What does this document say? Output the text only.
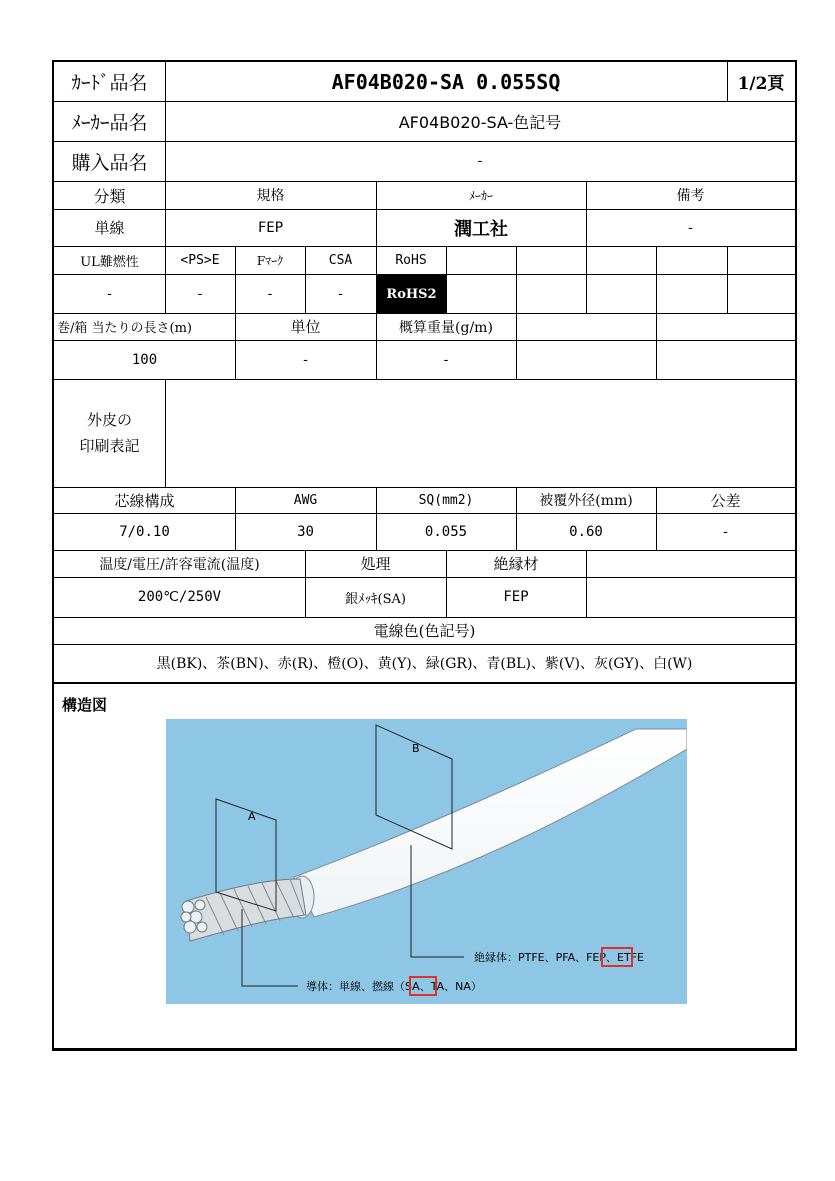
ｶｰﾄﾞ品名	AF04B020-SA 0.055SQ	1/2頁
ﾒｰｶｰ品名	AF04B020-SA-色記号
購入品名	-
分類	規格	ﾒｰｶｰ	備考
単線	FEP	潤工社	-
UL難燃性	<PS>E	Fﾏｰｸ	CSA	RoHS
-	-	-	-	RoHS2
巻/箱 当たりの長さ(m)	単位	概算重量(g/m)
100	-	-
外皮の
印刷表記
芯線構成	AWG	SQ(mm2)	被覆外径(mm)	公差
7/0.10	30	0.055	0.60	-
温度/電圧/許容電流(温度)	処理	絶縁材
200℃/250V	銀ﾒｯｷ(SA)	FEP
電線色(色記号)
黒(BK)、茶(BN)、赤(R)、橙(O)、黄(Y)、緑(GR)、青(BL)、紫(V)、灰(GY)、白(W)
構造図
A
B
絶縁体：PTFE、PFA、FEP、ETFE
導体：単線、撚線（SA、TA、NA）
